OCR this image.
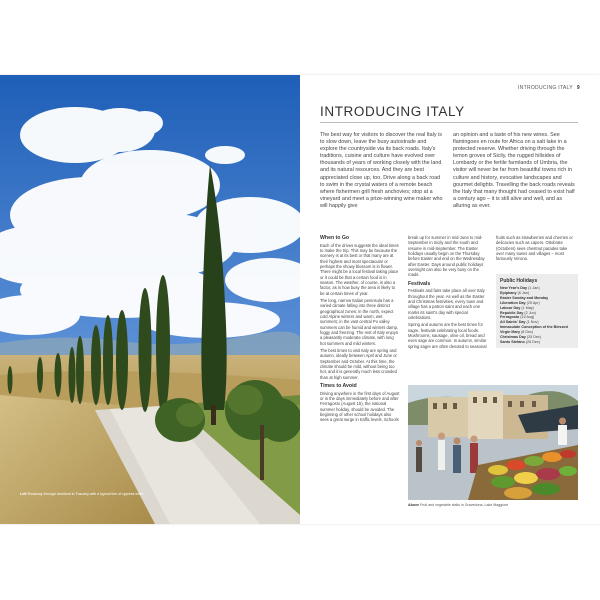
Left Roadway through farmland in Tuscany with a typical line of cypress trees
INTRODUCING ITALY 9
INTRODUCING ITALY

The best way for visitors to discover the real Italy is to slow down, leave the busy autostrade and explore the countryside via its back roads. Italy's traditions, cuisine and culture have evolved over thousands of years of working closely with the land and its natural resources. And they are best appreciated close up, too. Drive along a back road to swim in the crystal waters of a remote beach where fishermen grill fresh anchovies; stop at a vineyard and meet a prize-winning wine maker who will happily give

an opinion and a taste of his new wines. See flamingoes en route for Africa on a salt lake in a protected reserve. Whether driving through the lemon groves of Sicily, the rugged hillsides of Lombardy or the fertile farmlands of Umbria, the visitor will never be far from beautiful towns rich in culture and history, evocative landscapes and gourmet delights. Travelling the back roads reveals the Italy that many thought had ceased to exist half a century ago – it is still alive and well, and as alluring as ever.

When to Go

Each of the drives suggests the ideal times to make the trip. This may be because the scenery is at its best or that many are at their highest and most spectacular or perhaps the showy blossom is in flower. There might be a local festival taking place or it could be that a certain food is in season. The weather, of course, is also a factor, as is how busy the area is likely to be at certain times of year.

The long, narrow Italian peninsula has a varied climate falling into three distinct geographical zones: in the north, expect cold Alpine winters and warm, wet summers; in the vast central Po valley summers can be humid and winters damp, foggy and freezing. The rest of Italy enjoys a pleasantly moderate climate, with long hot summers and mild winters.

The best times to visit Italy are spring and autumn, ideally between April and June or September and October. At this time, the climate should be mild, without being too hot, and it is generally much less crowded than at high summer.

Times to Avoid

Driving anywhere in the first days of August or in the days immediately before and after Ferragosto (August 15), the national summer holiday, should be avoided. The beginning of other school holidays also sees a great surge in traffic levels. Schools

break up for summer in mid-June to mid-September in Sicily and the south and resume in mid-September. The Easter holidays usually begin on the Thursday before Easter and end on the Wednesday after Easter. Days around public holidays overnight can also be very busy on the roads.

Festivals

Festivals and fairs take place all over Italy throughout the year. As well as the Easter and Christmas festivities, every town and village has a patron saint and each one marks its saint's day with special celebrations.

Spring and autumn are the best times for sagre, festivals celebrating local foods. Mushrooms, sausage, olive oil, bread and even sage are common. In autumn, similar spring sagre are often devoted to seasonal

fruits such as strawberries and cherries or delicacies such as capers. Ottobrate (Octobers) sees chestnut parades take over many towns and villages – most famously Verona.

Public Holidays
New Year's Day (1 Jan)
Epiphany (6 Jan)
Easter Sunday and Monday
Liberation Day (25 Apr)
Labour Day (1 May)
Republic Day (2 Jun)
Ferragosto (15 Aug)
All Saints' Day (1 Nov)
Immaculate Conception of the Blessed Virgin Mary (8 Dec)
Christmas Day (25 Dec)
Santo Stefano (26 Dec)
Above Fruit and vegetable stalls in Gravedona, Lake Maggiore
